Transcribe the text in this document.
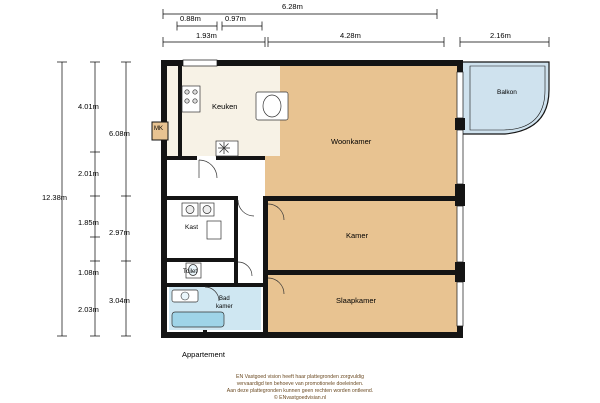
6.28m
0.88m	0.97m
1.93m	4.28m	2.16m
12.38m
4.01m
2.01m
1.85m
1.08m
2.03m
6.08m
2.97m
3.04m
Keuken
Woonkamer
Kamer
Slaapkamer
Kast
Toilet
Bad
kamer
Balkon
MK
Appartement
EN Vastgoed vision heeft haar plattegronden zorgvuldig
vervaardigd ten behoeve van promotionele doeleinden.
Aan deze plattegronden kunnen geen rechten worden ontleend.
© ENvastgoedvisian.nl
